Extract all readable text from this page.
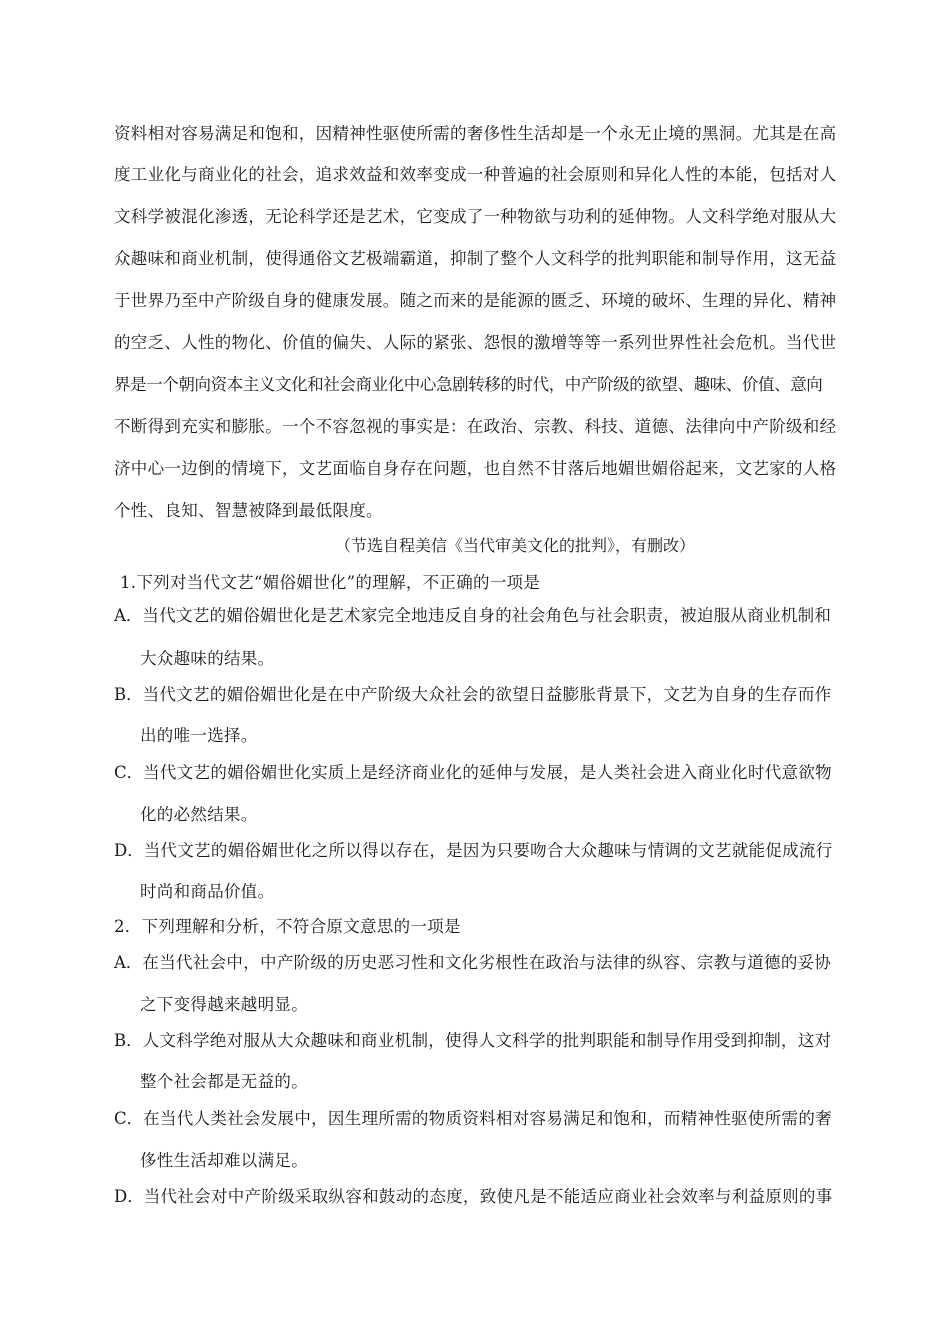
资料相对容易满足和饱和，因精神性驱使所需的奢侈性生活却是一个永无止境的黑洞。尤其是在高
度工业化与商业化的社会，追求效益和效率变成一种普遍的社会原则和异化人性的本能，包括对人
文科学被混化渗透，无论科学还是艺术，它变成了一种物欲与功利的延伸物。人文科学绝对服从大
众趣味和商业机制，使得通俗文艺极端霸道，抑制了整个人文科学的批判职能和制导作用，这无益
于世界乃至中产阶级自身的健康发展。随之而来的是能源的匮乏、环境的破坏、生理的异化、精神
的空乏、人性的物化、价值的偏失、人际的紧张、怨恨的激增等等一系列世界性社会危机。当代世
界是一个朝向资本主义文化和社会商业化中心急剧转移的时代，中产阶级的欲望、趣味、价值、意向
不断得到充实和膨胀。一个不容忽视的事实是：在政治、宗教、科技、道德、法律向中产阶级和经
济中心一边倒的情境下，文艺面临自身存在问题，也自然不甘落后地媚世媚俗起来，文艺家的人格
个性、良知、智慧被降到最低限度。
（节选自程美信《当代审美文化的批判》，有删改）
1.下列对当代文艺“媚俗媚世化”的理解，不正确的一项是
A．当代文艺的媚俗媚世化是艺术家完全地违反自身的社会角色与社会职责，被迫服从商业机制和
大众趣味的结果。
B．当代文艺的媚俗媚世化是在中产阶级大众社会的欲望日益膨胀背景下，文艺为自身的生存而作
出的唯一选择。
C．当代文艺的媚俗媚世化实质上是经济商业化的延伸与发展，是人类社会进入商业化时代意欲物
化的必然结果。
D．当代文艺的媚俗媚世化之所以得以存在，是因为只要吻合大众趣味与情调的文艺就能促成流行
时尚和商品价值。
2．下列理解和分析，不符合原文意思的一项是
A．在当代社会中，中产阶级的历史恶习性和文化劣根性在政治与法律的纵容、宗教与道德的妥协
之下变得越来越明显。
B．人文科学绝对服从大众趣味和商业机制，使得人文科学的批判职能和制导作用受到抑制，这对
整个社会都是无益的。
C．在当代人类社会发展中，因生理所需的物质资料相对容易满足和饱和，而精神性驱使所需的奢
侈性生活却难以满足。
D．当代社会对中产阶级采取纵容和鼓动的态度，致使凡是不能适应商业社会效率与利益原则的事
